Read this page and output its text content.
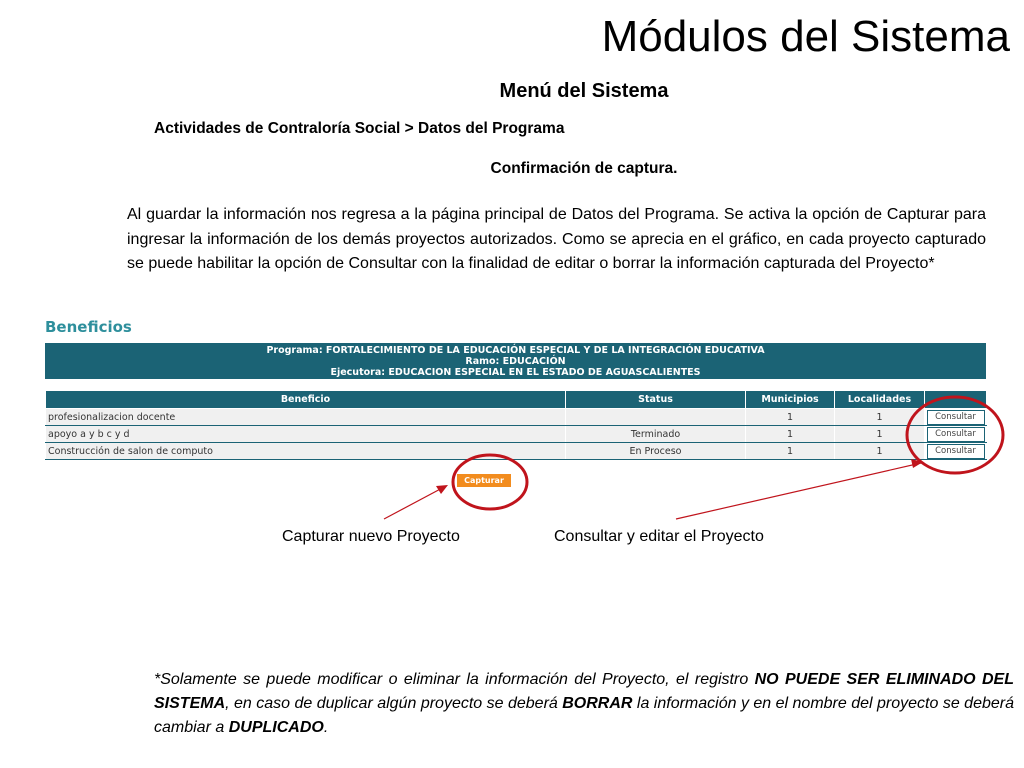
Módulos del Sistema
Menú del Sistema
Actividades de Contraloría Social > Datos del Programa
Confirmación de captura.
Al guardar la información nos regresa a la página principal de Datos del Programa. Se activa la opción de Capturar para ingresar la información de los demás proyectos autorizados. Como se aprecia en el gráfico, en cada proyecto capturado se puede habilitar la opción de Consultar con la finalidad de editar o borrar la información capturada del Proyecto*
Beneficios
Programa: FORTALECIMIENTO DE LA EDUCACIÓN ESPECIAL Y DE LA INTEGRACIÓN EDUCATIVA
Ramo: EDUCACIÓN
Ejecutora: EDUCACION ESPECIAL EN EL ESTADO DE AGUASCALIENTES
Beneficio	Status	Municipios	Localidades	
profesionalizacion docente		1	1	Consultar
apoyo a y b c y d	Terminado	1	1	Consultar
Construcción de salon de computo	En Proceso	1	1	Consultar
Capturar
Capturar nuevo Proyecto	Consultar y editar el Proyecto
*Solamente se puede modificar o eliminar la información del Proyecto, el registro NO PUEDE SER ELIMINADO DEL SISTEMA, en caso de duplicar algún proyecto se deberá BORRAR la información y en el nombre del proyecto se deberá cambiar a DUPLICADO.
